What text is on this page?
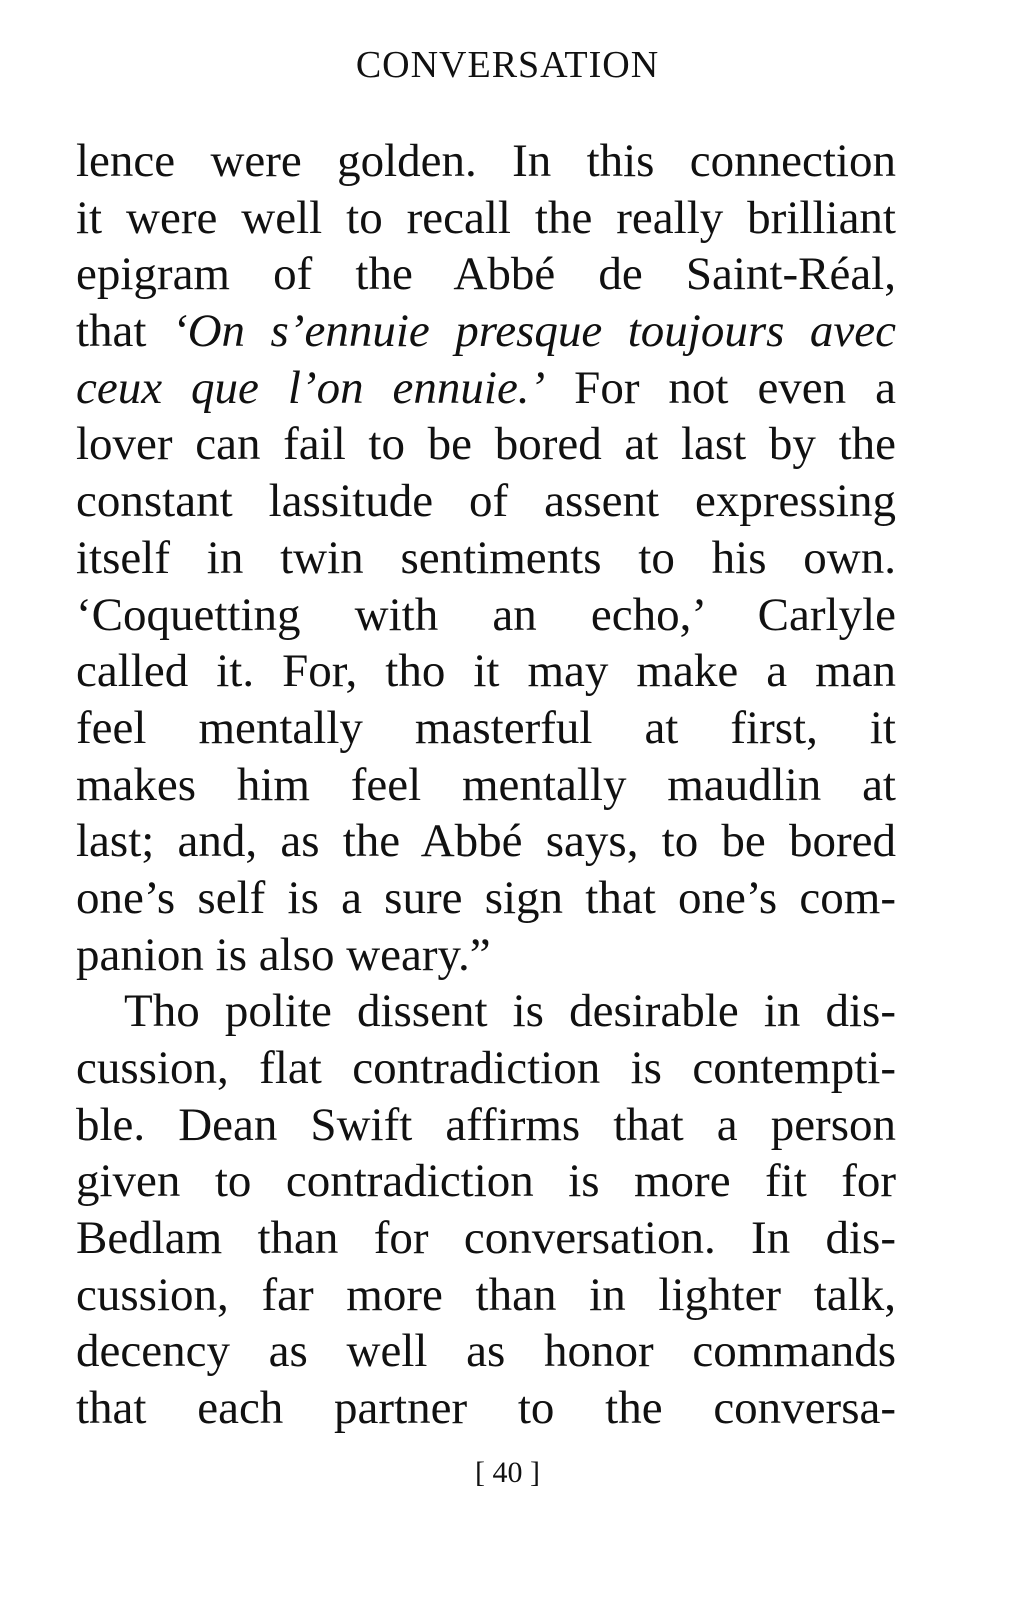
CONVERSATION
lence were golden. In this connection
it were well to recall the really brilliant
epigram of the Abbé de Saint-Réal,
that ‘On s’ennuie presque toujours avec
ceux que l’on ennuie.’ For not even a
lover can fail to be bored at last by the
constant lassitude of assent expressing
itself in twin sentiments to his own.
‘Coquetting with an echo,’ Carlyle
called it. For, tho it may make a man
feel mentally masterful at first, it
makes him feel mentally maudlin at
last; and, as the Abbé says, to be bored
one’s self is a sure sign that one’s com-
panion is also weary.”
Tho polite dissent is desirable in dis-
cussion, flat contradiction is contempti-
ble. Dean Swift affirms that a person
given to contradiction is more fit for
Bedlam than for conversation. In dis-
cussion, far more than in lighter talk,
decency as well as honor commands
that each partner to the conversa-
[ 40 ]
